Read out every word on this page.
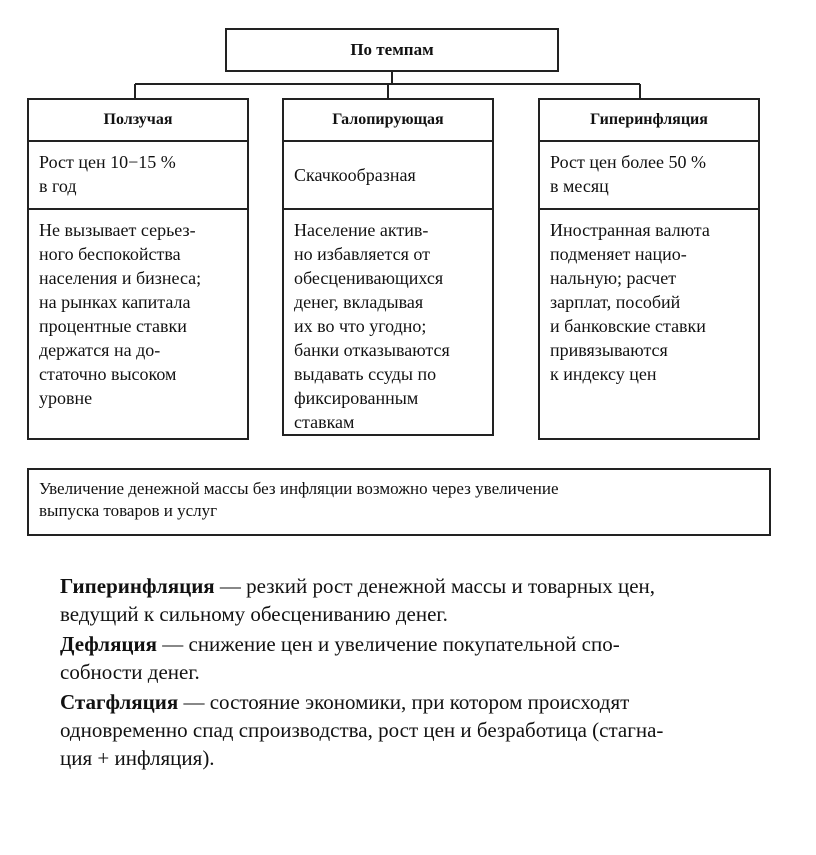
По темпам
Ползучая
Рост цен 10−15 %
в год
Не вызывает серьез-
ного беспокойства
населения и бизнеса;
на рынках капитала
процентные ставки
держатся на до-
статочно высоком
уровне
Галопирующая
Скачкообразная
Население актив‑
но избавляется от
обесценивающихся
денег, вкладывая
их во что угодно;
банки отказываются
выдавать ссуды по
фиксированным
ставкам
Гиперинфляция
Рост цен более 50 %
в месяц
Иностранная валюта
подменяет нацио-
нальную; расчет
зарплат, пособий
и банковские ставки
привязываются
к индексу цен
Увеличение денежной массы без инфляции возможно через увеличение
выпуска товаров и услуг

Гиперинфляция — резкий рост денежной массы и товарных цен,
ведущий к сильному обесцениванию денег.

Дефляция — снижение цен и увеличение покупательной спо-
собности денег.

Стагфляция — состояние экономики, при котором происходят
одновременно спад спроизводства, рост цен и безработица (стагна-
ция + инфляция).
